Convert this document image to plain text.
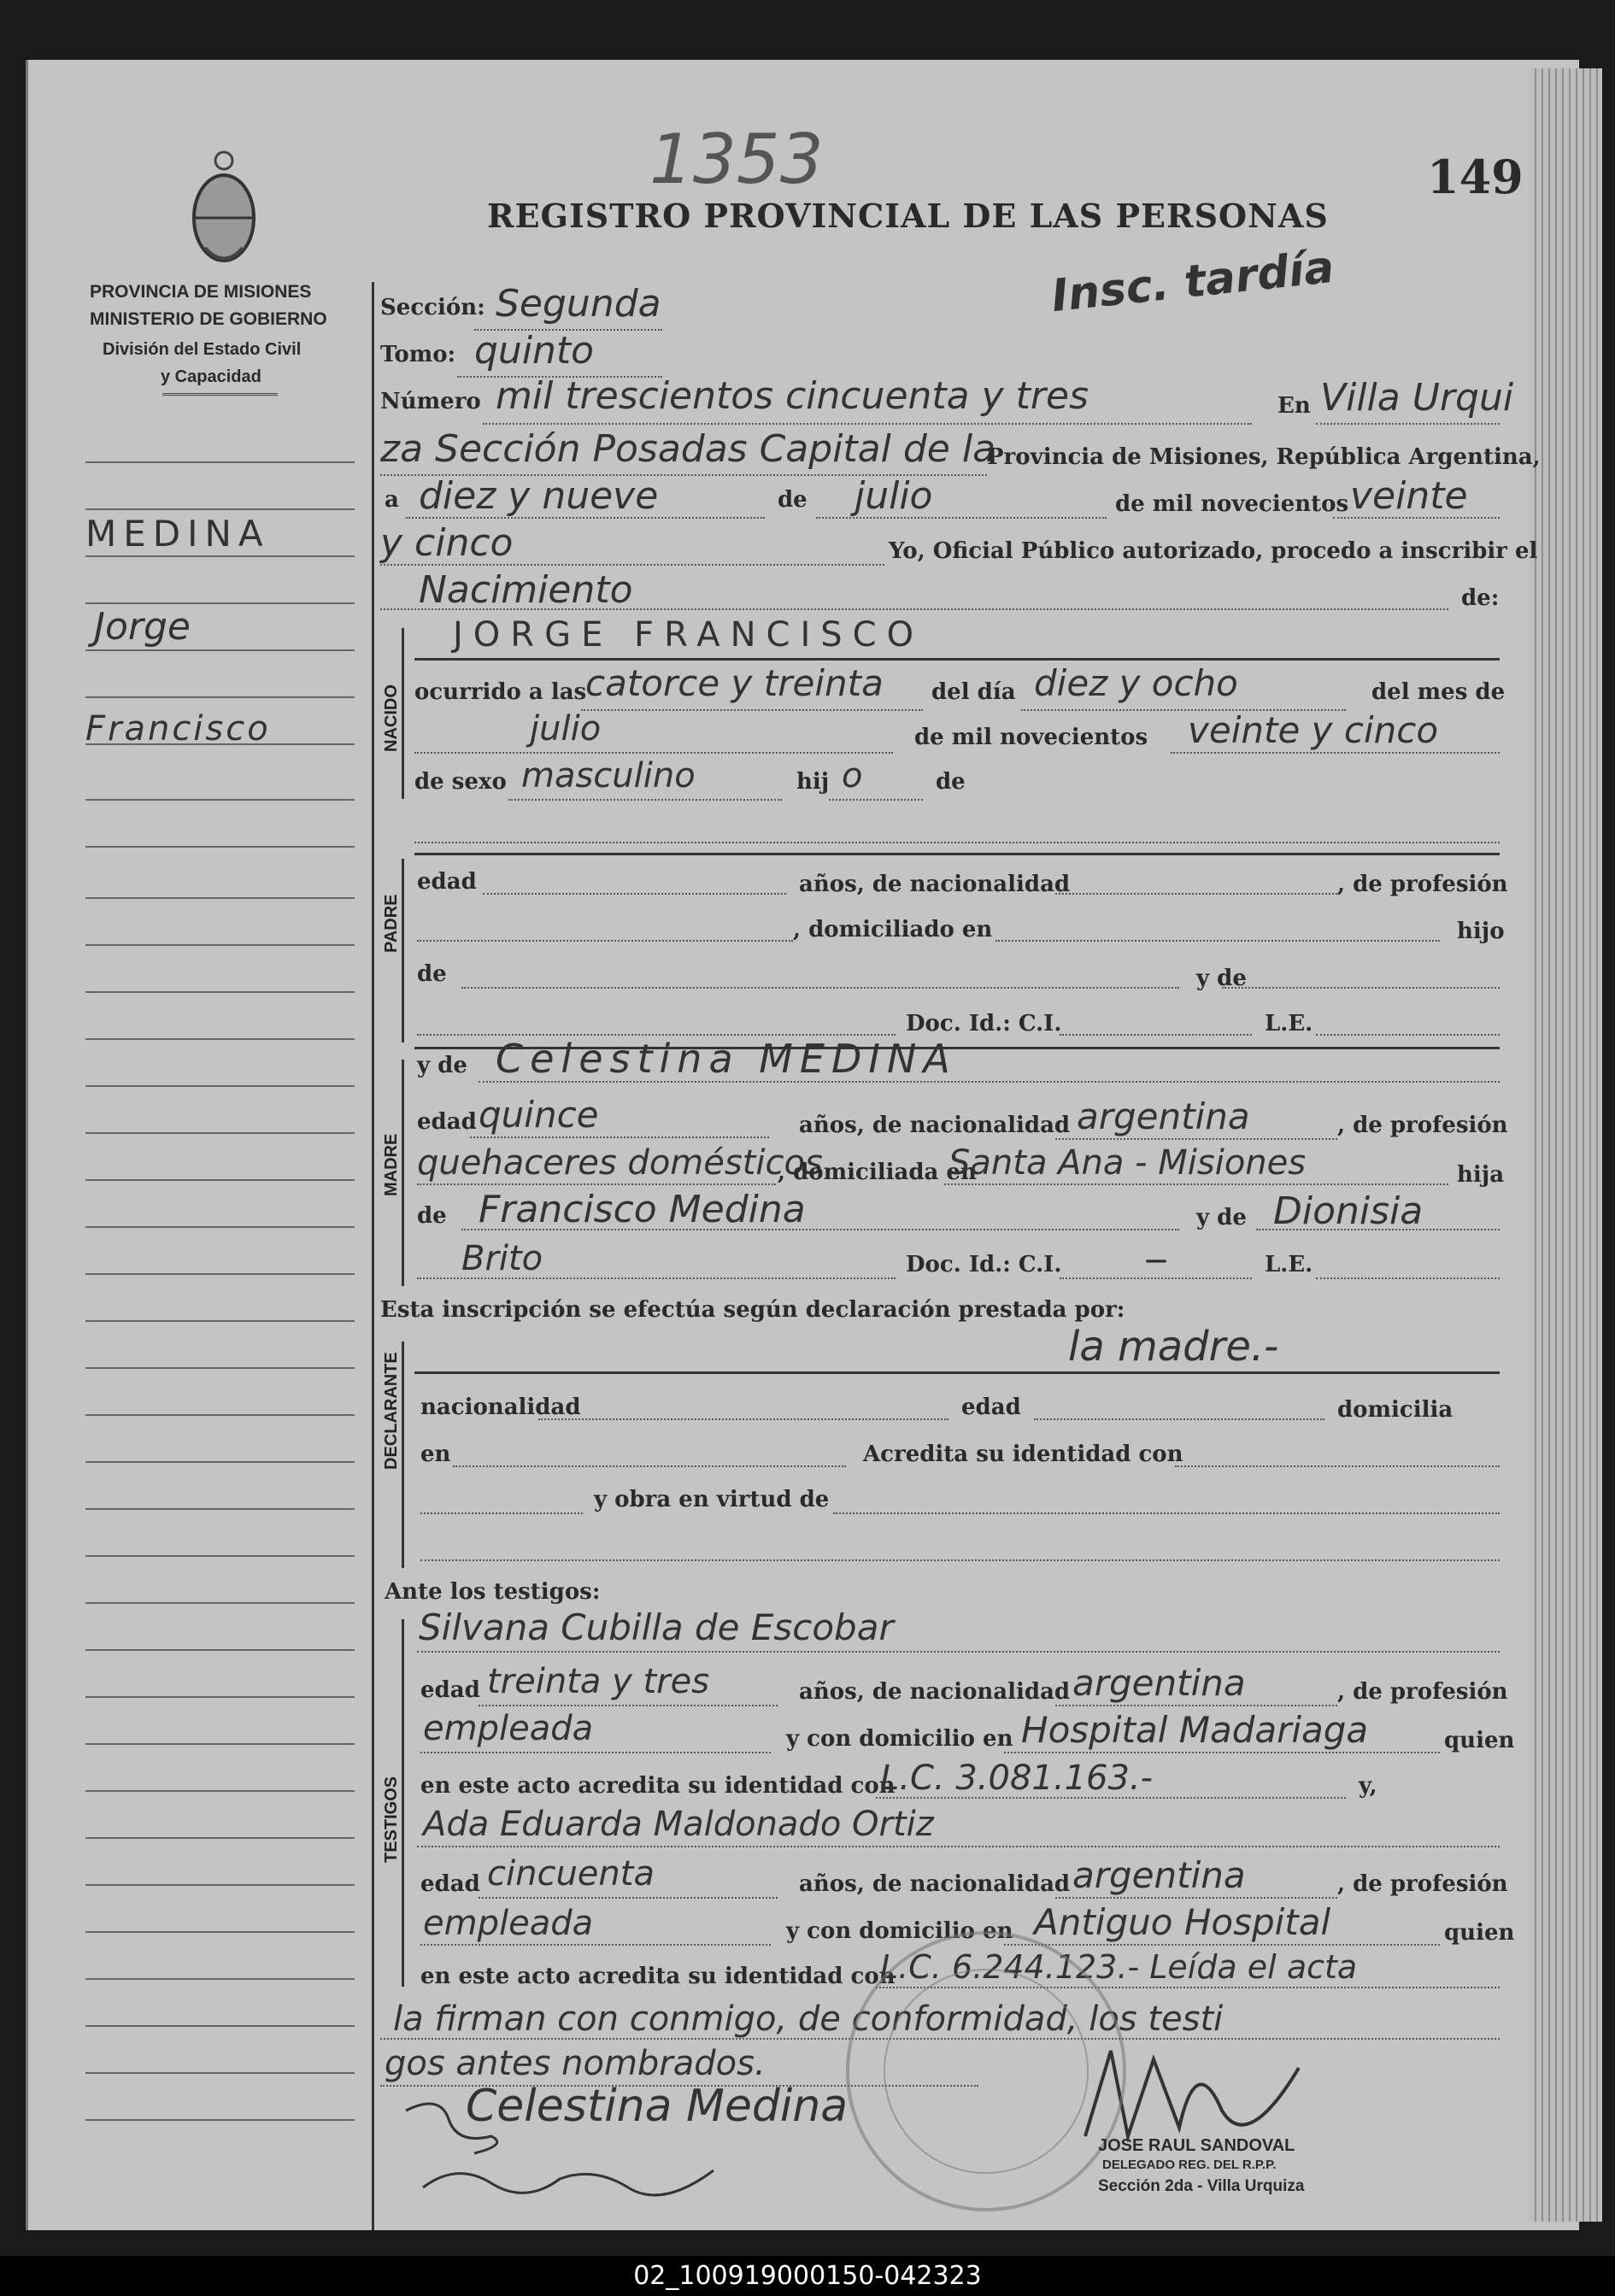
1353	149
REGISTRO PROVINCIAL DE LAS PERSONAS
Insc. tardía
PROVINCIA DE MISIONES
MINISTERIO DE GOBIERNO
División del Estado Civil
y Capacidad
MEDINA
Jorge
Francisco
Sección: Segunda
Tomo: quinto
Número mil trescientos cincuenta y tres	En Villa Urqui
za Sección Posadas Capital de la
Provincia de Misiones, República Argentina,
a diez y nueve	de julio	de mil novecientos veinte
y cinco	Yo, Oficial Público autorizado, procedo a inscribir el
Nacimiento	de:
NACIDO
JORGE FRANCISCO
ocurrido a las
catorce y treinta del día diez y ocho	del mes de
julio	de mil novecientos veinte y cinco
de sexo masculino	hij o	de
PADRE
edad	años, de nacionalidad	, de profesión
, domiciliado en	hijo
de	y de
Doc. Id.: C.I.	L.E.
MADRE
y de Celestina MEDINA
edad quince	años, de nacionalidad argentina	, de profesión
quehaceres domésticos
, domiciliada en
Santa Ana - Misiones	hija
de Francisco Medina	y de Dionisia
Brito	Doc. Id.: C.I.	—	L.E.
Esta inscripción se efectúa según declaración prestada por:
DECLARANTE
la madre.-
nacionalidad	edad	domicilia
en	Acredita su identidad con
y obra en virtud de
Ante los testigos:
TESTIGOS
Silvana Cubilla de Escobar
edad treinta y tres	años, de nacionalidad argentina	, de profesión
empleada	y con domicilio en Hospital Madariaga	quien
en este acto acredita su identidad con
L.C. 3.081.163.-	y,
Ada Eduarda Maldonado Ortiz
edad cincuenta	años, de nacionalidad argentina	, de profesión
empleada	y con domicilio en Antiguo Hospital	quien
en este acto acredita su identidad con
L.C. 6.244.123.- Leída el acta
la firman con conmigo, de conformidad, los testi
gos antes nombrados.
Celestina Medina
JOSE RAUL SANDOVAL
DELEGADO REG. DEL R.P.P.
Sección 2da - Villa Urquiza
02_100919000150-042323
